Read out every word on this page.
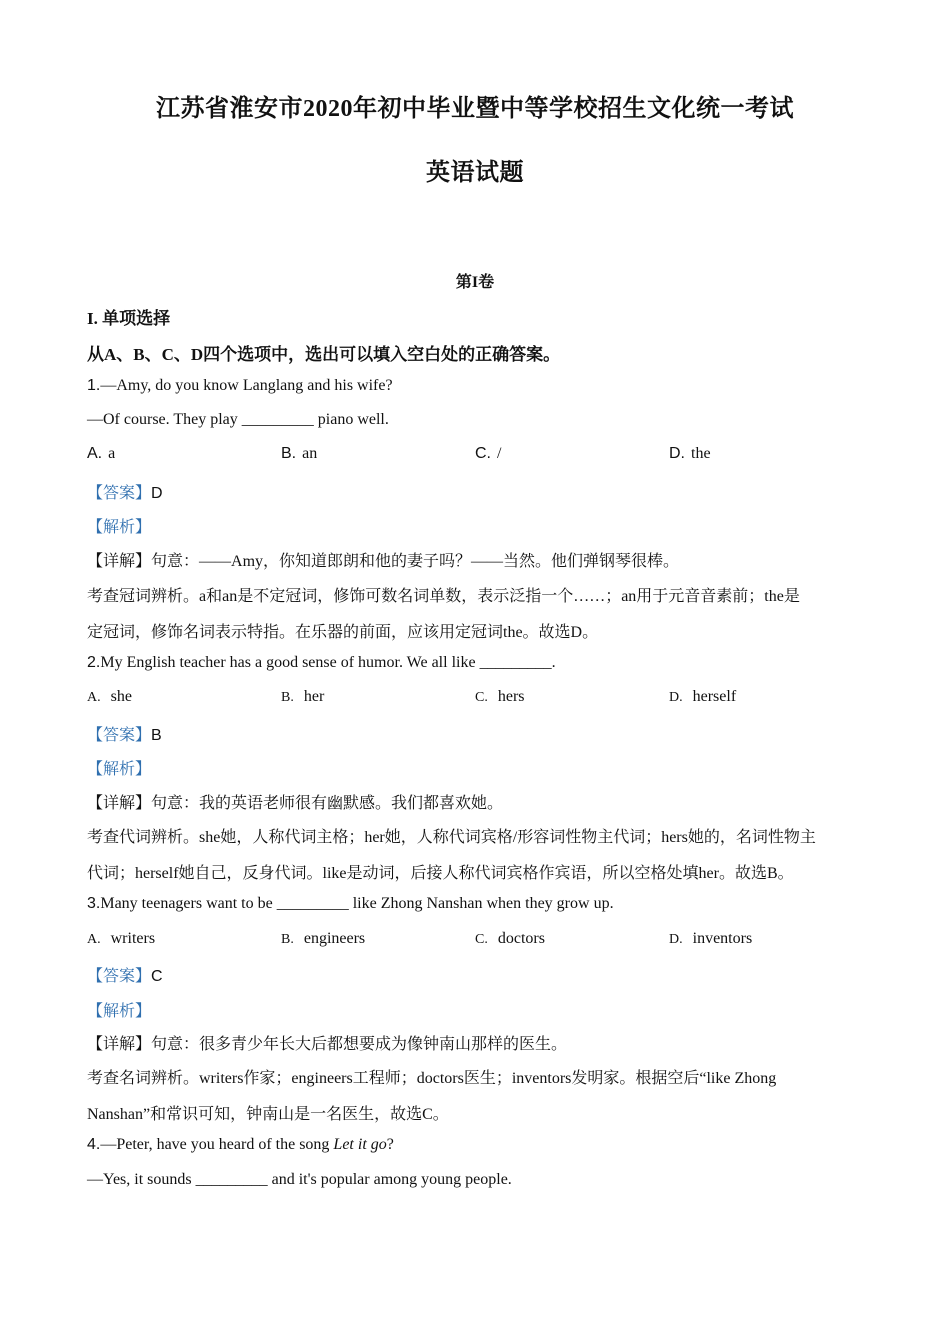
江苏省淮安市2020年初中毕业暨中等学校招生文化统一考试
英语试题
第I卷
I. 单项选择
从A、B、C、D四个选项中，选出可以填入空白处的正确答案。
1.—Amy, do you know Langlang and his wife?
—Of course. They play _________ piano well.
A. a	B. an	C. /	D. the
【答案】D
【解析】
【详解】句意：——Amy，你知道郎朗和他的妻子吗？——当然。他们弹钢琴很棒。
考查冠词辨析。a和an是不定冠词，修饰可数名词单数，表示泛指一个……；an用于元音音素前；the是
定冠词，修饰名词表示特指。在乐器的前面，应该用定冠词the。故选D。
2.My English teacher has a good sense of humor. We all like _________.
A. she	B. her	C. hers	D. herself
【答案】B
【解析】
【详解】句意：我的英语老师很有幽默感。我们都喜欢她。
考查代词辨析。she她，人称代词主格；her她，人称代词宾格/形容词性物主代词；hers她的，名词性物主
代词；herself她自己，反身代词。like是动词，后接人称代词宾格作宾语，所以空格处填her。故选B。
3.Many teenagers want to be _________ like Zhong Nanshan when they grow up.
A. writers	B. engineers	C. doctors	D. inventors
【答案】C
【解析】
【详解】句意：很多青少年长大后都想要成为像钟南山那样的医生。
考查名词辨析。writers作家；engineers工程师；doctors医生；inventors发明家。根据空后“like Zhong
Nanshan”和常识可知，钟南山是一名医生，故选C。
4.—Peter, have you heard of the song Let it go?
—Yes, it sounds _________ and it's popular among young people.
